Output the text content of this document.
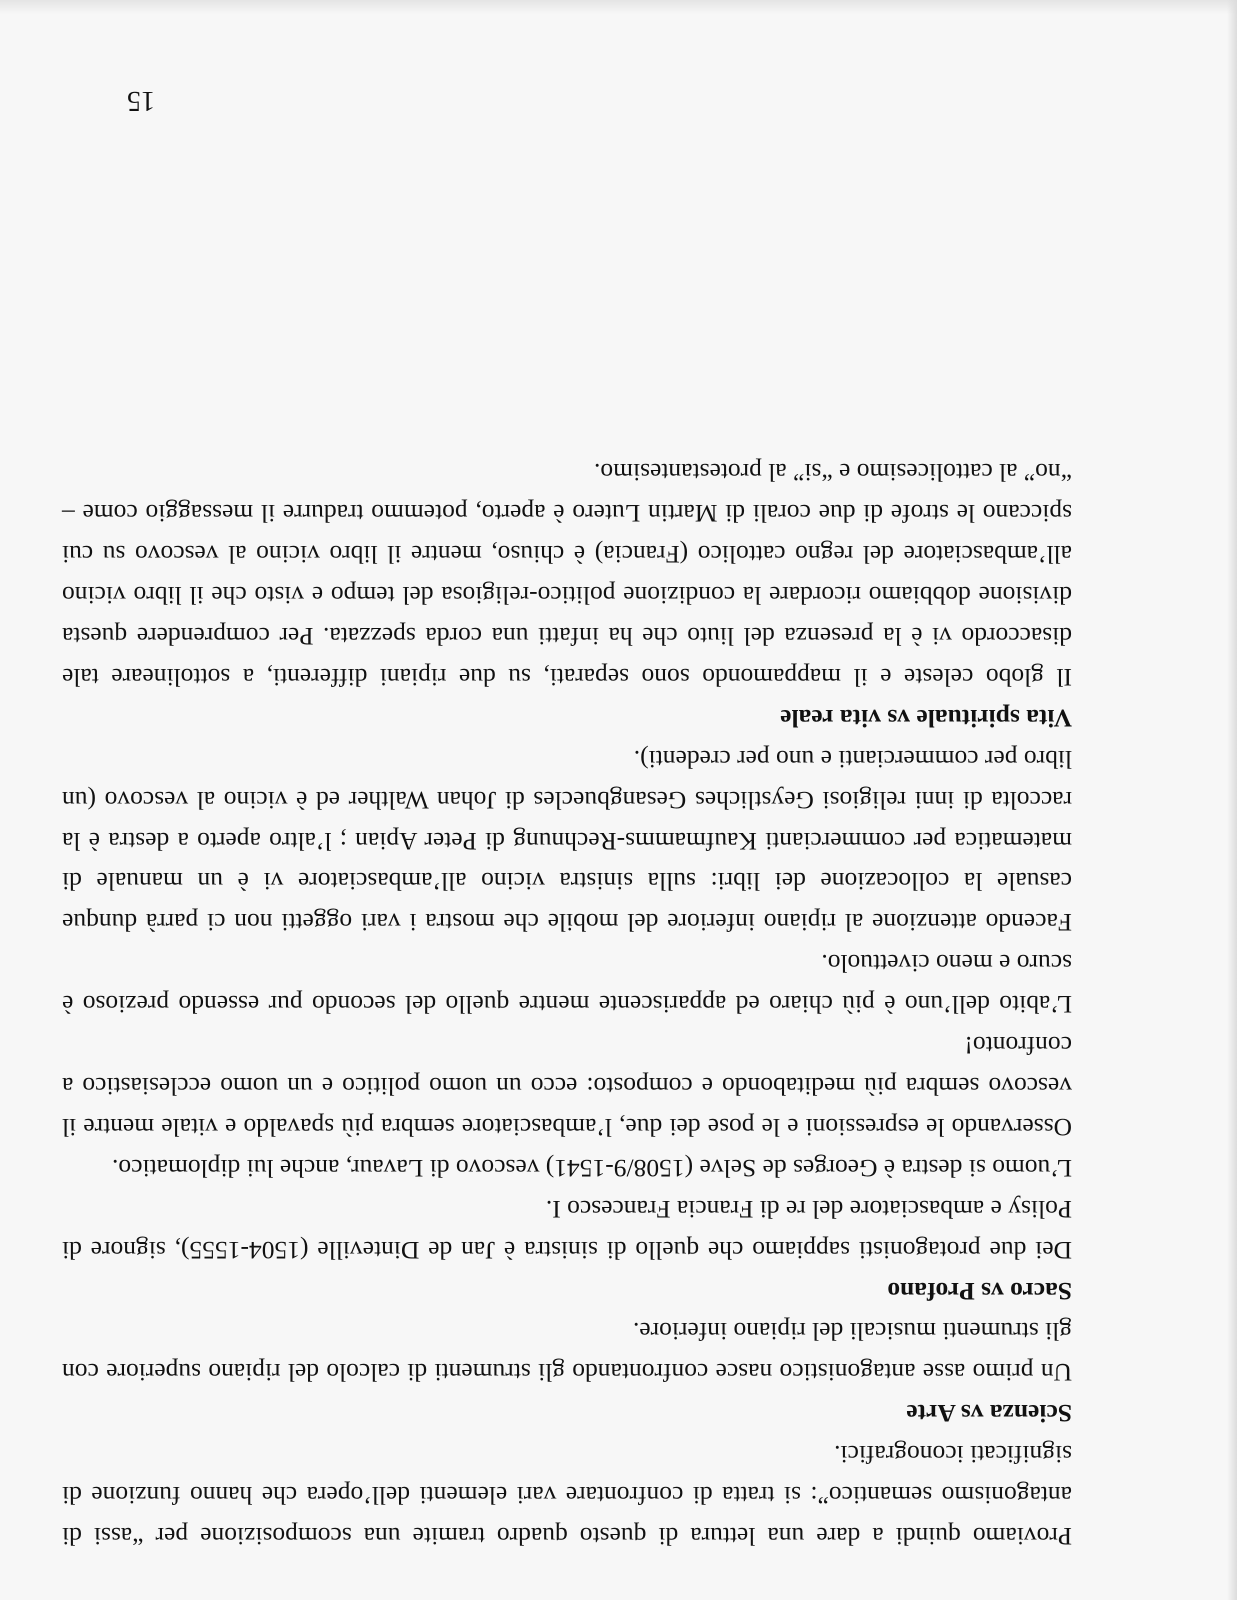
Proviamo quindi a dare una lettura di questo quadro tramite una scomposizione per “assi di antagonismo semantico”: si tratta di confrontare vari elementi dell’opera che hanno funzione di significati iconografici.

Scienza vs Arte

Un primo asse antagonistico nasce confrontando gli strumenti di calcolo del ripiano superiore con gli strumenti musicali del ripiano inferiore.

Sacro vs Profano

Dei due protagonisti sappiamo che quello di sinistra è Jan de Dinteville (1504-1555), signore di Polisy e ambasciatore del re di Francia Francesco I.

L’uomo si destra è Georges de Selve (1508/9-1541) vescovo di Lavaur, anche lui diplomatico.

Osservando le espressioni e le pose dei due, l’ambasciatore sembra più spavaldo e vitale mentre il vescovo sembra più meditabondo e composto: ecco un uomo politico e un uomo ecclesiastico a confronto!

L’abito dell’uno è più chiaro ed appariscente mentre quello del secondo pur essendo prezioso è scuro e meno civettuolo.

Facendo attenzione al ripiano inferiore del mobile che mostra i vari oggetti non ci parrà dunque casuale la collocazione dei libri: sulla sinistra vicino all’ambasciatore vi è un manuale di matematica per commercianti Kaufmamms-Rechnung di Peter Apian ; l’altro aperto a destra è la raccolta di inni religiosi Geystliches Gesangbuecles di Johan Walther ed è vicino al vescovo (un libro per commercianti e uno per credenti).

Vita spirituale vs vita reale

Il globo celeste e il mappamondo sono separati, su due ripiani differenti, a sottolineare tale disaccordo vi è la presenza del liuto che ha infatti una corda spezzata. Per comprendere questa divisione dobbiamo ricordare la condizione politico-religiosa del tempo e visto che il libro vicino all’ambasciatore del regno cattolico (Francia) è chiuso, mentre il libro vicino al vescovo su cui spiccano le strofe di due corali di Martin Lutero è aperto, potemmo tradurre il messaggio come – “no” al cattolicesimo e “si” al protestantesimo.

15
